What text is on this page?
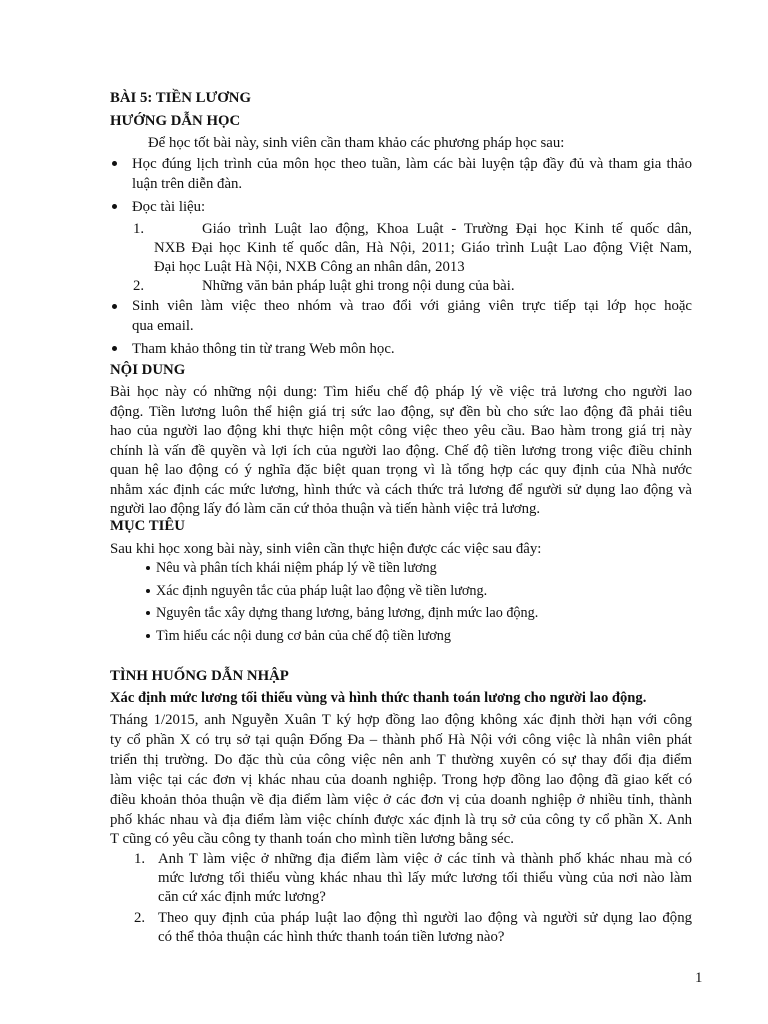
BÀI 5: TIỀN LƯƠNG
HƯỚNG DẪN HỌC
Để học tốt bài này, sinh viên cần tham khảo các phương pháp học sau:
Học đúng lịch trình của môn học theo tuần, làm các bài luyện tập đầy đủ và tham gia thảo
luận trên diễn đàn.
Đọc tài liệu:
1.	Giáo trình Luật lao động, Khoa Luật - Trường Đại học Kinh tế quốc dân,
NXB Đại học Kinh tế quốc dân, Hà Nội, 2011; Giáo trình Luật Lao động Việt Nam,
Đại học Luật Hà Nội, NXB Công an nhân dân, 2013
2.	Những văn bản pháp luật ghi trong nội dung của bài.
Sinh viên làm việc theo nhóm và trao đổi với giảng viên trực tiếp tại lớp học hoặc
qua email.
Tham khảo thông tin từ trang Web môn học.
NỘI DUNG
Bài học này có những nội dung: Tìm hiểu chế độ pháp lý về việc trả lương cho người lao
động. Tiền lương luôn thể hiện giá trị sức lao động, sự đền bù cho sức lao động đã phải tiêu
hao của người lao động khi thực hiện một công việc theo yêu cầu. Bao hàm trong giá trị này
chính là vấn đề quyền và lợi ích của người lao động. Chế độ tiền lương trong việc điều chỉnh
quan hệ lao động có ý nghĩa đặc biệt quan trọng vì là tổng hợp các quy định của Nhà nước
nhằm xác định các mức lương, hình thức và cách thức trả lương để người sử dụng lao động và
người lao động lấy đó làm căn cứ thỏa thuận và tiến hành việc trả lương.
MỤC TIÊU
Sau khi học xong bài này, sinh viên cần thực hiện được các việc sau đây:
Nêu và phân tích khái niệm pháp lý về tiền lương
Xác định nguyên tắc của pháp luật lao động về tiền lương.
Nguyên tắc xây dựng thang lương, bảng lương, định mức lao động.
Tìm hiểu các nội dung cơ bản của chế độ tiền lương
TÌNH HUỐNG DẪN NHẬP
Xác định mức lương tối thiểu vùng và hình thức thanh toán lương cho người lao động.
Tháng 1/2015, anh Nguyễn Xuân T ký hợp đồng lao động không xác định thời hạn với công
ty cổ phần X có trụ sở tại quận Đống Đa – thành phố Hà Nội với công việc là nhân viên phát
triển thị trường. Do đặc thù của công việc nên anh T thường xuyên có sự thay đổi địa điểm
làm việc tại các đơn vị khác nhau của doanh nghiệp. Trong hợp đồng lao động đã giao kết có
điều khoản thỏa thuận về địa điểm làm việc ở các đơn vị của doanh nghiệp ở nhiều tỉnh, thành
phố khác nhau và địa điểm làm việc chính được xác định là trụ sở của công ty cổ phần X. Anh
T cũng có yêu cầu công ty thanh toán cho mình tiền lương bằng séc.
1. Anh T làm việc ở những địa điểm làm việc ở các tỉnh và thành phố khác nhau mà có
mức lương tối thiểu vùng khác nhau thì lấy mức lương tối thiểu vùng của nơi nào làm
căn cứ xác định mức lương?
2. Theo quy định của pháp luật lao động thì người lao động và người sử dụng lao động
có thể thỏa thuận các hình thức thanh toán tiền lương nào?
1
